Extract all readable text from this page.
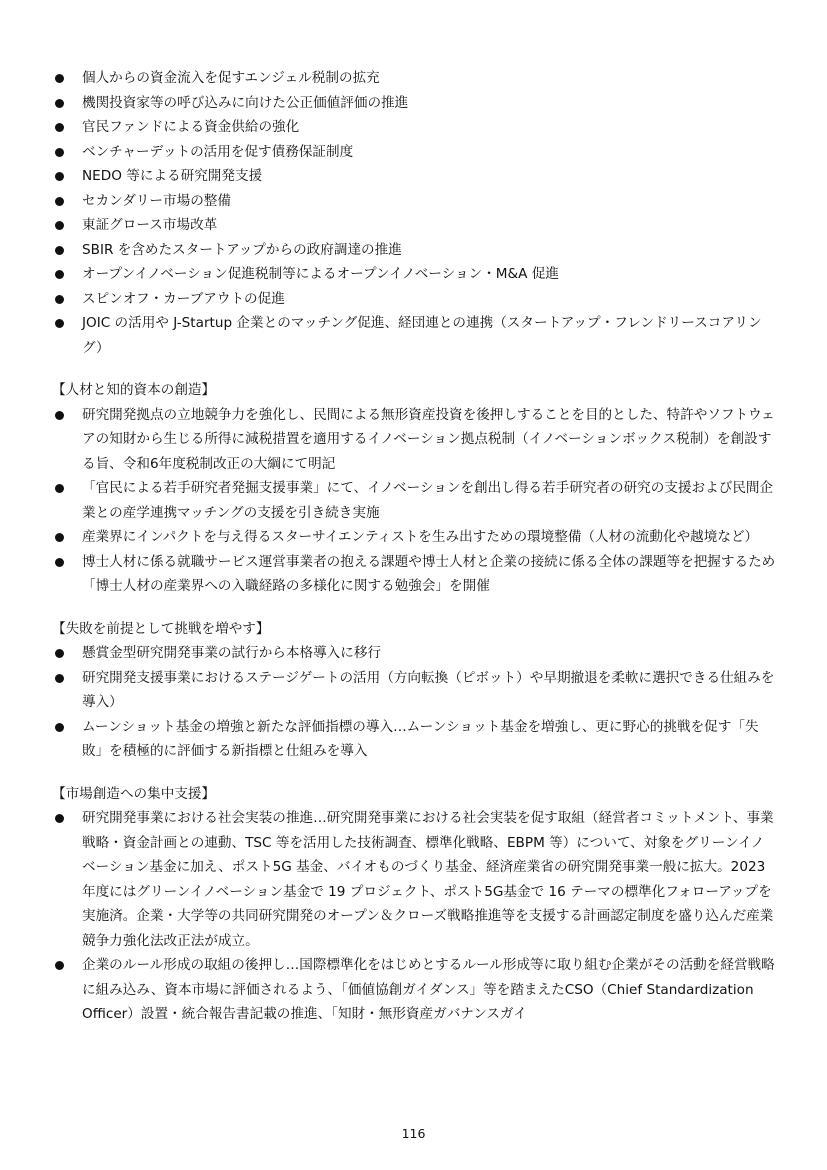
個人からの資金流入を促すエンジェル税制の拡充
機関投資家等の呼び込みに向けた公正価値評価の推進
官民ファンドによる資金供給の強化
ベンチャーデットの活用を促す債務保証制度
NEDO 等による研究開発支援
セカンダリー市場の整備
東証グロース市場改革
SBIR を含めたスタートアップからの政府調達の推進
オープンイノベーション促進税制等によるオープンイノベーション・M&A 促進
スピンオフ・カーブアウトの促進
JOIC の活用や J-Startup 企業とのマッチング促進、経団連との連携（スタートアップ・フレンドリースコアリング）
【人材と知的資本の創造】
研究開発拠点の立地競争力を強化し、民間による無形資産投資を後押しすることを目的とした、特許やソフトウェアの知財から生じる所得に減税措置を適用するイノベーション拠点税制（イノベーションボックス税制）を創設する旨、令和6年度税制改正の大綱にて明記
「官民による若手研究者発掘支援事業」にて、イノベーションを創出し得る若手研究者の研究の支援および民間企業との産学連携マッチングの支援を引き続き実施
産業界にインパクトを与え得るスターサイエンティストを生み出すための環境整備（人材の流動化や越境など）
博士人材に係る就職サービス運営事業者の抱える課題や博士人材と企業の接続に係る全体の課題等を把握するため「博士人材の産業界への入職経路の多様化に関する勉強会」を開催
【失敗を前提として挑戦を増やす】
懸賞金型研究開発事業の試行から本格導入に移行
研究開発支援事業におけるステージゲートの活用（方向転換（ピボット）や早期撤退を柔軟に選択できる仕組みを導入）
ムーンショット基金の増強と新たな評価指標の導入…ムーンショット基金を増強し、更に野心的挑戦を促す「失敗」を積極的に評価する新指標と仕組みを導入
【市場創造への集中支援】
研究開発事業における社会実装の推進…研究開発事業における社会実装を促す取組（経営者コミットメント、事業戦略・資金計画との連動、TSC 等を活用した技術調査、標準化戦略、EBPM 等）について、対象をグリーンイノベーション基金に加え、ポスト5G 基金、バイオものづくり基金、経済産業省の研究開発事業一般に拡大。2023 年度にはグリーンイノベーション基金で 19 プロジェクト、ポスト5G基金で 16 テーマの標準化フォローアップを実施済。企業・大学等の共同研究開発のオープン＆クローズ戦略推進等を支援する計画認定制度を盛り込んだ産業競争力強化法改正法が成立。
企業のルール形成の取組の後押し…国際標準化をはじめとするルール形成等に取り組む企業がその活動を経営戦略に組み込み、資本市場に評価されるよう、「価値協創ガイダンス」等を踏まえたCSO（Chief Standardization Officer）設置・統合報告書記載の推進、「知財・無形資産ガバナンスガイ
116
